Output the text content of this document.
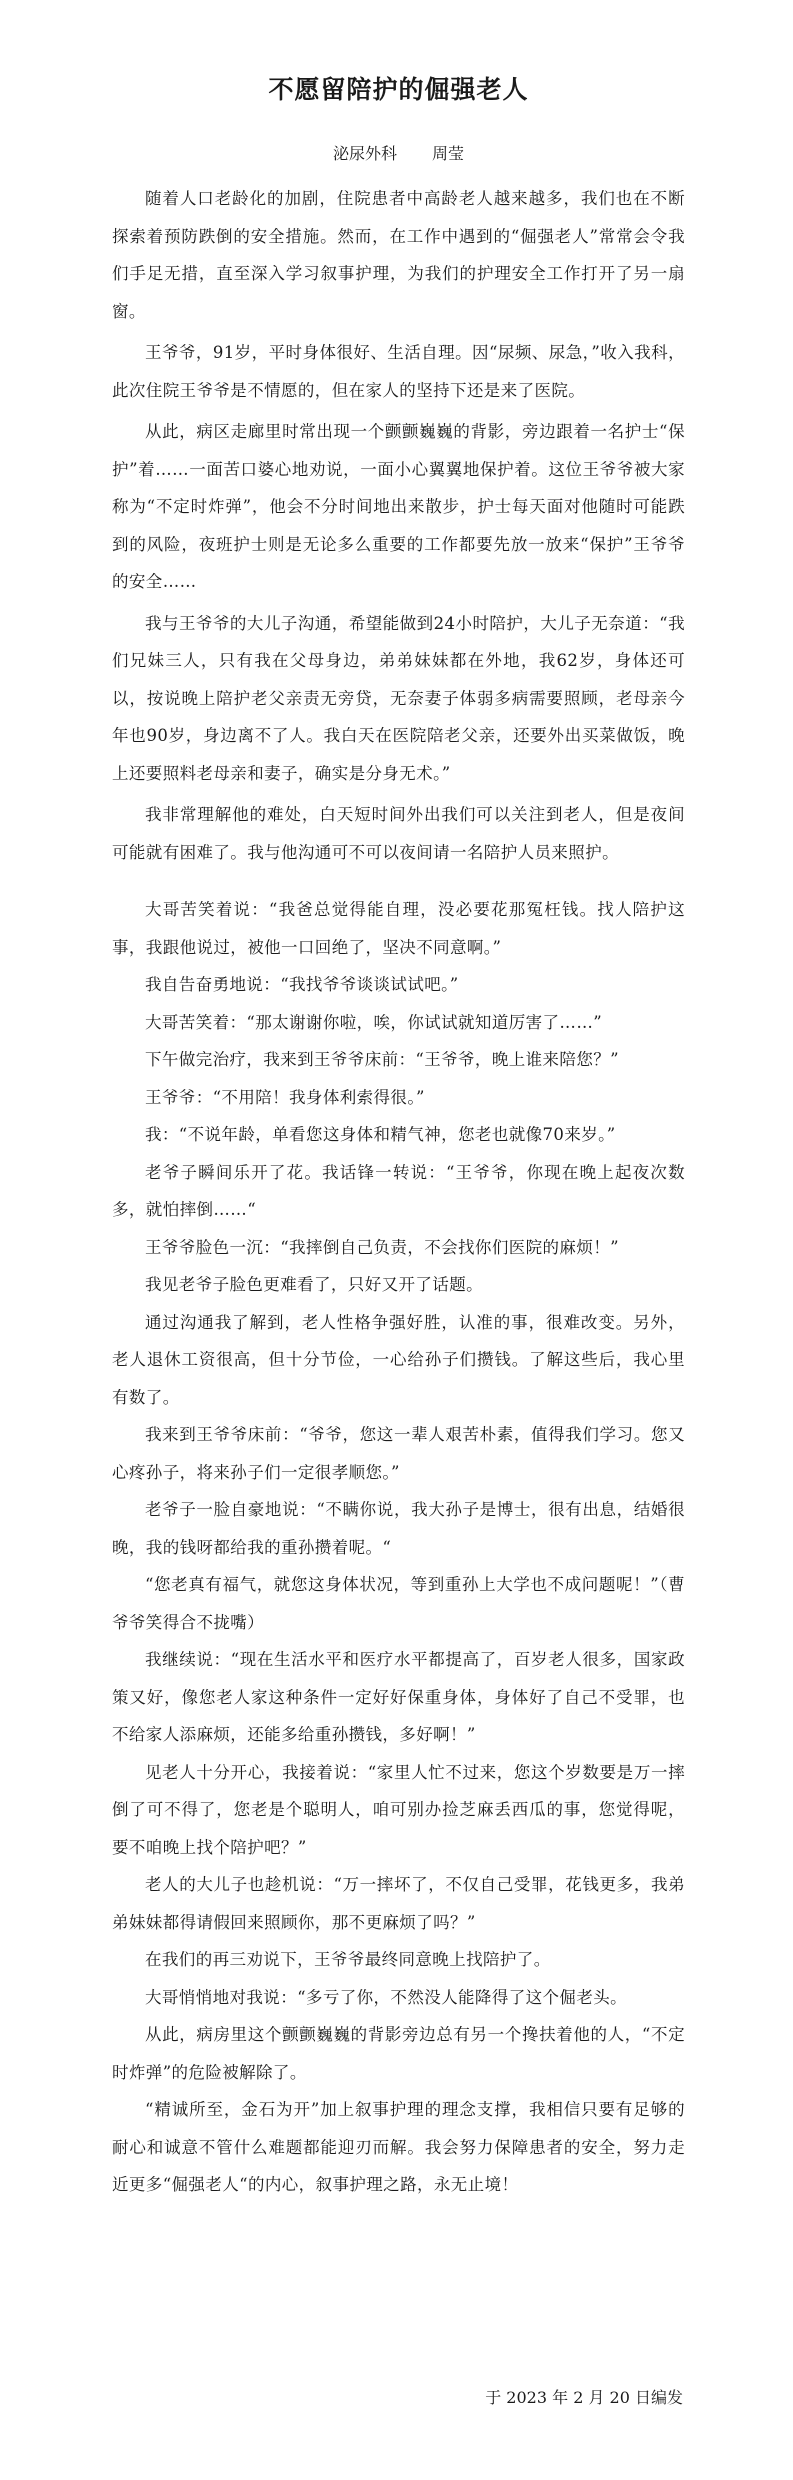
不愿留陪护的倔强老人
泌尿外科 周莹

随着人口老龄化的加剧，住院患者中高龄老人越来越多，我们也在不断探索着预防跌倒的安全措施。然而，在工作中遇到的“倔强老人”常常会令我们手足无措，直至深入学习叙事护理，为我们的护理安全工作打开了另一扇窗。

王爷爷，91岁，平时身体很好、生活自理。因“尿频、尿急，”收入我科，此次住院王爷爷是不情愿的，但在家人的坚持下还是来了医院。

从此，病区走廊里时常出现一个颤颤巍巍的背影，旁边跟着一名护士“保护”着……一面苦口婆心地劝说，一面小心翼翼地保护着。这位王爷爷被大家称为“不定时炸弹”，他会不分时间地出来散步，护士每天面对他随时可能跌到的风险，夜班护士则是无论多么重要的工作都要先放一放来“保护”王爷爷的安全……

我与王爷爷的大儿子沟通，希望能做到24小时陪护，大儿子无奈道：“我们兄妹三人，只有我在父母身边，弟弟妹妹都在外地，我62岁，身体还可以，按说晚上陪护老父亲责无旁贷，无奈妻子体弱多病需要照顾，老母亲今年也90岁，身边离不了人。我白天在医院陪老父亲，还要外出买菜做饭，晚上还要照料老母亲和妻子，确实是分身无术。”

我非常理解他的难处，白天短时间外出我们可以关注到老人，但是夜间可能就有困难了。我与他沟通可不可以夜间请一名陪护人员来照护。

大哥苦笑着说：“我爸总觉得能自理，没必要花那冤枉钱。找人陪护这事，我跟他说过，被他一口回绝了，坚决不同意啊。”

我自告奋勇地说：“我找爷爷谈谈试试吧。”

大哥苦笑着：“那太谢谢你啦，唉，你试试就知道厉害了……”

下午做完治疗，我来到王爷爷床前：“王爷爷，晚上谁来陪您？”

王爷爷：“不用陪！我身体利索得很。”

我：“不说年龄，单看您这身体和精气神，您老也就像70来岁。”

老爷子瞬间乐开了花。我话锋一转说：“王爷爷，你现在晚上起夜次数多，就怕摔倒……“

王爷爷脸色一沉：“我摔倒自己负责，不会找你们医院的麻烦！”

我见老爷子脸色更难看了，只好又开了话题。

通过沟通我了解到，老人性格争强好胜，认准的事，很难改变。另外，老人退休工资很高，但十分节俭，一心给孙子们攒钱。了解这些后，我心里有数了。

我来到王爷爷床前：“爷爷，您这一辈人艰苦朴素，值得我们学习。您又心疼孙子，将来孙子们一定很孝顺您。”

老爷子一脸自豪地说：“不瞒你说，我大孙子是博士，很有出息，结婚很晚，我的钱呀都给我的重孙攒着呢。“

“您老真有福气，就您这身体状况，等到重孙上大学也不成问题呢！”（曹爷爷笑得合不拢嘴）

我继续说：“现在生活水平和医疗水平都提高了，百岁老人很多，国家政策又好，像您老人家这种条件一定好好保重身体，身体好了自己不受罪，也不给家人添麻烦，还能多给重孙攒钱，多好啊！”

见老人十分开心，我接着说：“家里人忙不过来，您这个岁数要是万一摔倒了可不得了，您老是个聪明人，咱可别办捡芝麻丢西瓜的事，您觉得呢，要不咱晚上找个陪护吧？”

老人的大儿子也趁机说：“万一摔坏了，不仅自己受罪，花钱更多，我弟弟妹妹都得请假回来照顾你，那不更麻烦了吗？”

在我们的再三劝说下，王爷爷最终同意晚上找陪护了。

大哥悄悄地对我说：“多亏了你，不然没人能降得了这个倔老头。

从此，病房里这个颤颤巍巍的背影旁边总有另一个搀扶着他的人，“不定时炸弹”的危险被解除了。

“精诚所至，金石为开”加上叙事护理的理念支撑，我相信只要有足够的耐心和诚意不管什么难题都能迎刃而解。我会努力保障患者的安全，努力走近更多“倔强老人“的内心，叙事护理之路，永无止境！

于 2023 年 2 月 20 日编发
